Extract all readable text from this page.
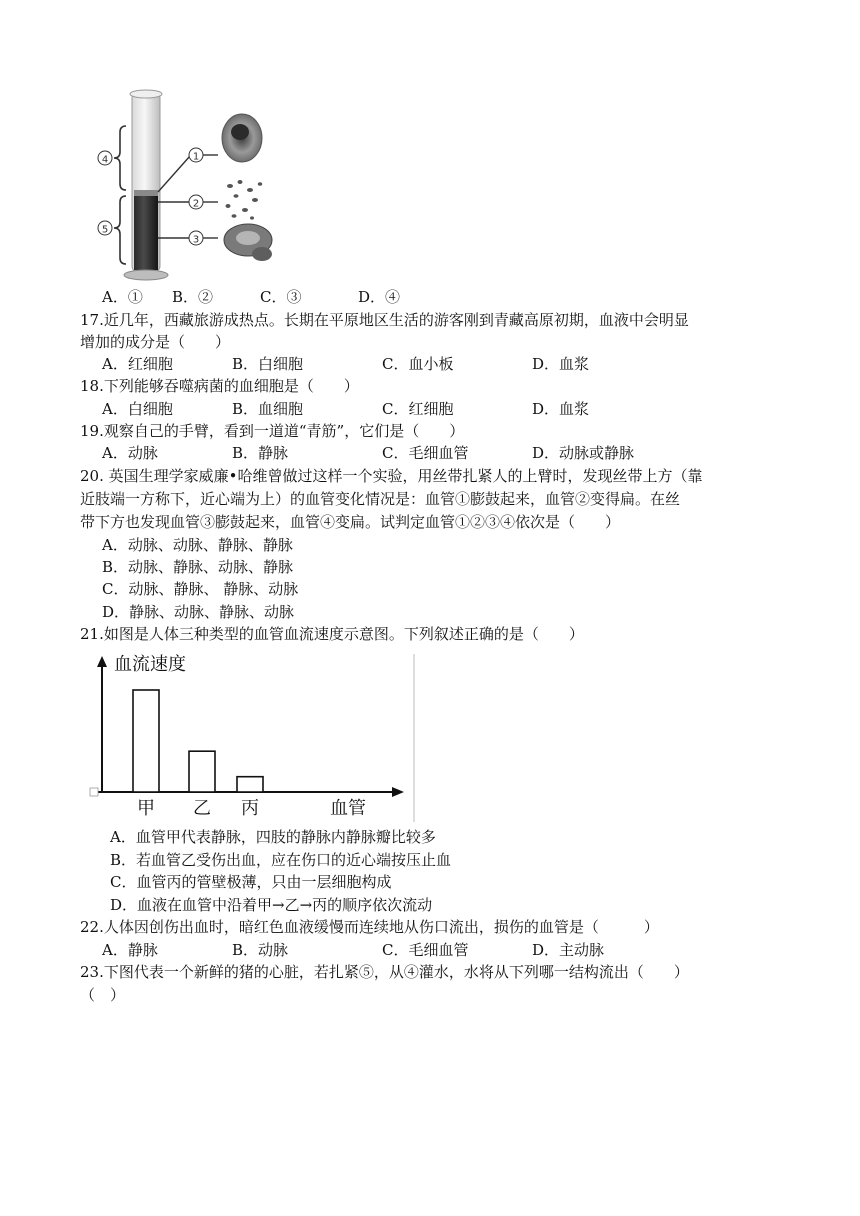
4
5
1
2
3
A．① B．②	C．③	D．④
17.近几年，西藏旅游成热点。长期在平原地区生活的游客刚到青藏高原初期，血液中会明显
增加的成分是（　　）
A．红细胞	B．白细胞	C．血小板	D．血浆
18.下列能够吞噬病菌的血细胞是（　　）
A．白细胞	B．血细胞	C．红细胞	D．血浆
19.观察自己的手臂，看到一道道“青筋”，它们是（　　）
A．动脉	B．静脉	C．毛细血管	D．动脉或静脉
20. 英国生理学家威廉•哈维曾做过这样一个实验，用丝带扎紧人的上臂时，发现丝带上方（靠
近肢端一方称下，近心端为上）的血管变化情况是：血管①膨鼓起来，血管②变得扁。在丝
带下方也发现血管③膨鼓起来，血管④变扁。试判定血管①②③④依次是（　　）
A．动脉、动脉、静脉、静脉
B．动脉、静脉、动脉、静脉
C．动脉、静脉、 静脉、动脉
D．静脉、动脉、静脉、动脉
21.如图是人体三种类型的血管血流速度示意图。下列叙述正确的是（　　）
血流速度
血管
甲 乙 丙
A．血管甲代表静脉，四肢的静脉内静脉瓣比较多
B．若血管乙受伤出血，应在伤口的近心端按压止血
C．血管丙的管壁极薄，只由一层细胞构成
D．血液在血管中沿着甲→乙→丙的顺序依次流动
22.人体因创伤出血时，暗红色血液缓慢而连续地从伤口流出，损伤的血管是（　　　）
A．静脉	B．动脉	C．毛细血管	D．主动脉
23.下图代表一个新鲜的猪的心脏，若扎紧⑤，从④灌水，水将从下列哪一结构流出（　　）
（　）
